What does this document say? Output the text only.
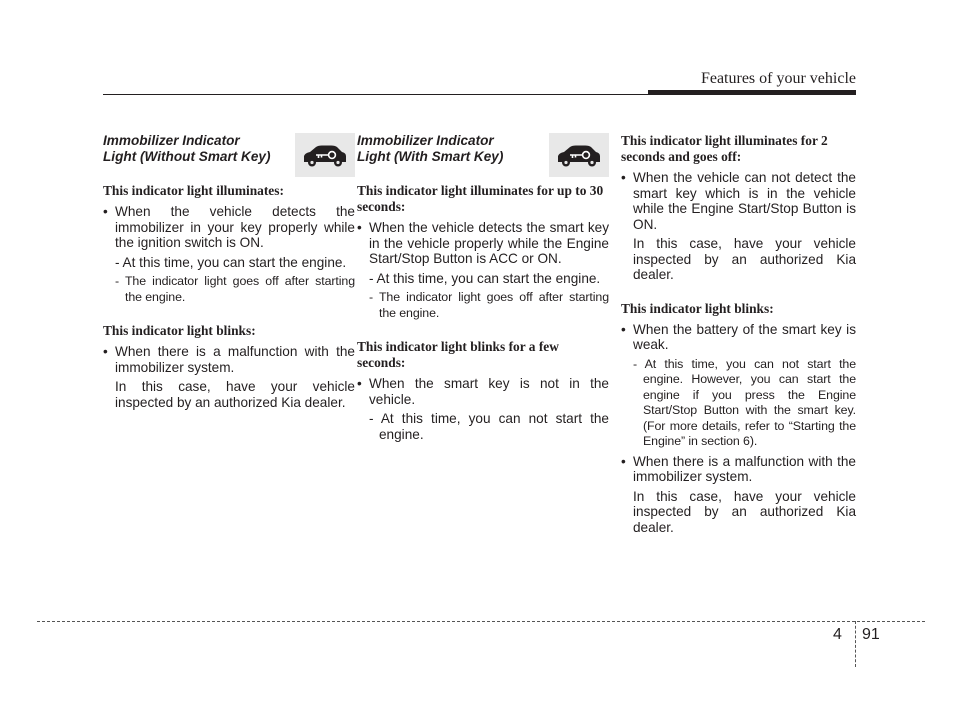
Features of your vehicle
Immobilizer Indicator
Light (Without Smart Key)

This indicator light illuminates:

• When the vehicle detects the immobilizer in your key properly while the ignition switch is ON.

- At this time, you can start the engine.

- The indicator light goes off after starting the engine.

This indicator light blinks:

• When there is a malfunction with the immobilizer system.

In this case, have your vehicle inspected by an authorized Kia dealer.

Immobilizer Indicator
Light (With Smart Key)

This indicator light illuminates for up to 30 seconds:

• When the vehicle detects the smart key in the vehicle properly while the Engine Start/Stop Button is ACC or ON.

- At this time, you can start the engine.

- The indicator light goes off after starting the engine.

This indicator light blinks for a few seconds:

• When the smart key is not in the vehicle.

- At this time, you can not start the engine.

This indicator light illuminates for 2 seconds and goes off:

• When the vehicle can not detect the smart key which is in the vehicle while the Engine Start/Stop Button is ON.

In this case, have your vehicle inspected by an authorized Kia dealer.

This indicator light blinks:

• When the battery of the smart key is weak.

- At this time, you can not start the engine. However, you can start the engine if you press the Engine Start/Stop Button with the smart key. (For more details, refer to “Starting the Engine” in section 6).

• When there is a malfunction with the immobilizer system.

In this case, have your vehicle inspected by an authorized Kia dealer.

4 91
